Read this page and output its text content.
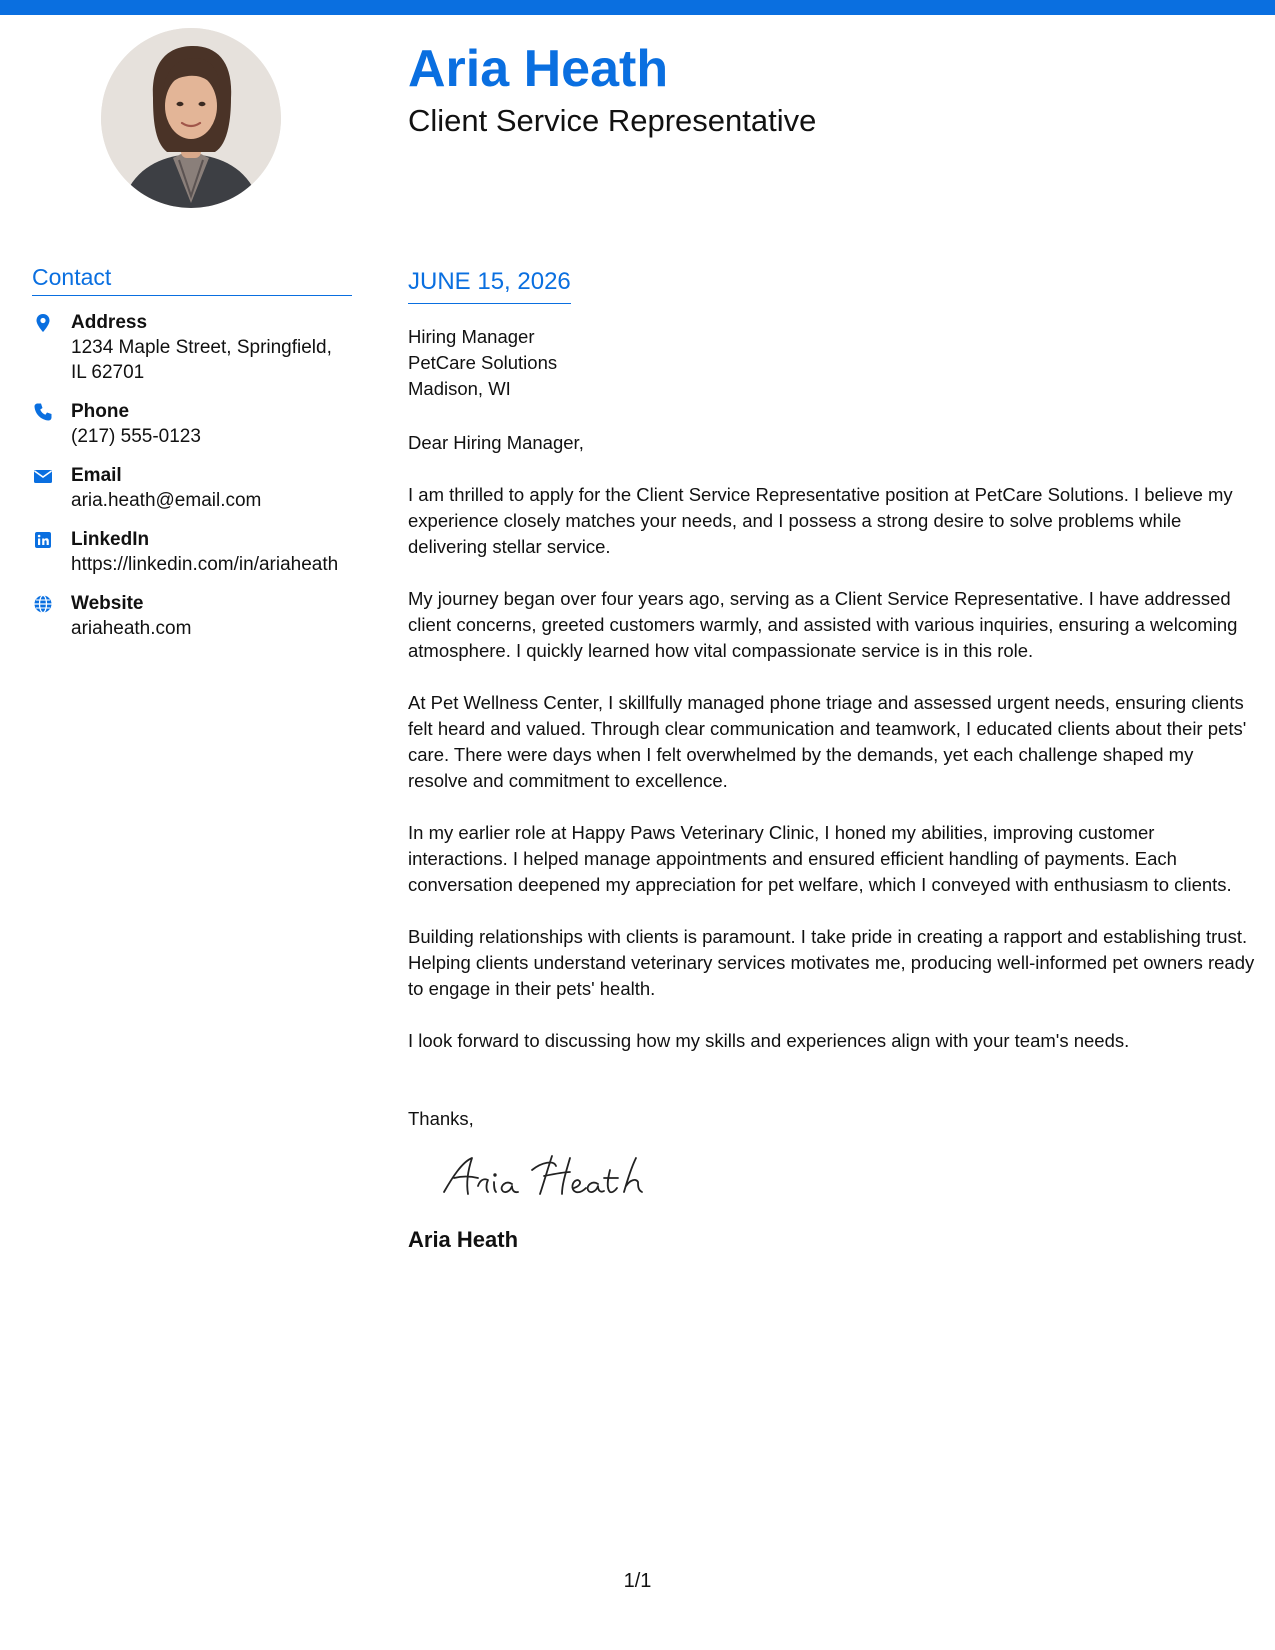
Aria Heath
Client Service Representative
Contact
Address
1234 Maple Street, Springfield, IL 62701
Phone
(217) 555-0123
Email
aria.heath@email.com
LinkedIn
https://linkedin.com/in/ariaheath
Website
ariaheath.com
JUNE 15, 2026
Hiring Manager
PetCare Solutions
Madison, WI
Dear Hiring Manager,
I am thrilled to apply for the Client Service Representative position at PetCare Solutions. I believe my experience closely matches your needs, and I possess a strong desire to solve problems while delivering stellar service.
My journey began over four years ago, serving as a Client Service Representative. I have addressed client concerns, greeted customers warmly, and assisted with various inquiries, ensuring a welcoming atmosphere. I quickly learned how vital compassionate service is in this role.
At Pet Wellness Center, I skillfully managed phone triage and assessed urgent needs, ensuring clients felt heard and valued. Through clear communication and teamwork, I educated clients about their pets' care. There were days when I felt overwhelmed by the demands, yet each challenge shaped my resolve and commitment to excellence.
In my earlier role at Happy Paws Veterinary Clinic, I honed my abilities, improving customer interactions. I helped manage appointments and ensured efficient handling of payments. Each conversation deepened my appreciation for pet welfare, which I conveyed with enthusiasm to clients.
Building relationships with clients is paramount. I take pride in creating a rapport and establishing trust. Helping clients understand veterinary services motivates me, producing well-informed pet owners ready to engage in their pets' health.
I look forward to discussing how my skills and experiences align with your team's needs.
Thanks,
Aria Heath
1/1
